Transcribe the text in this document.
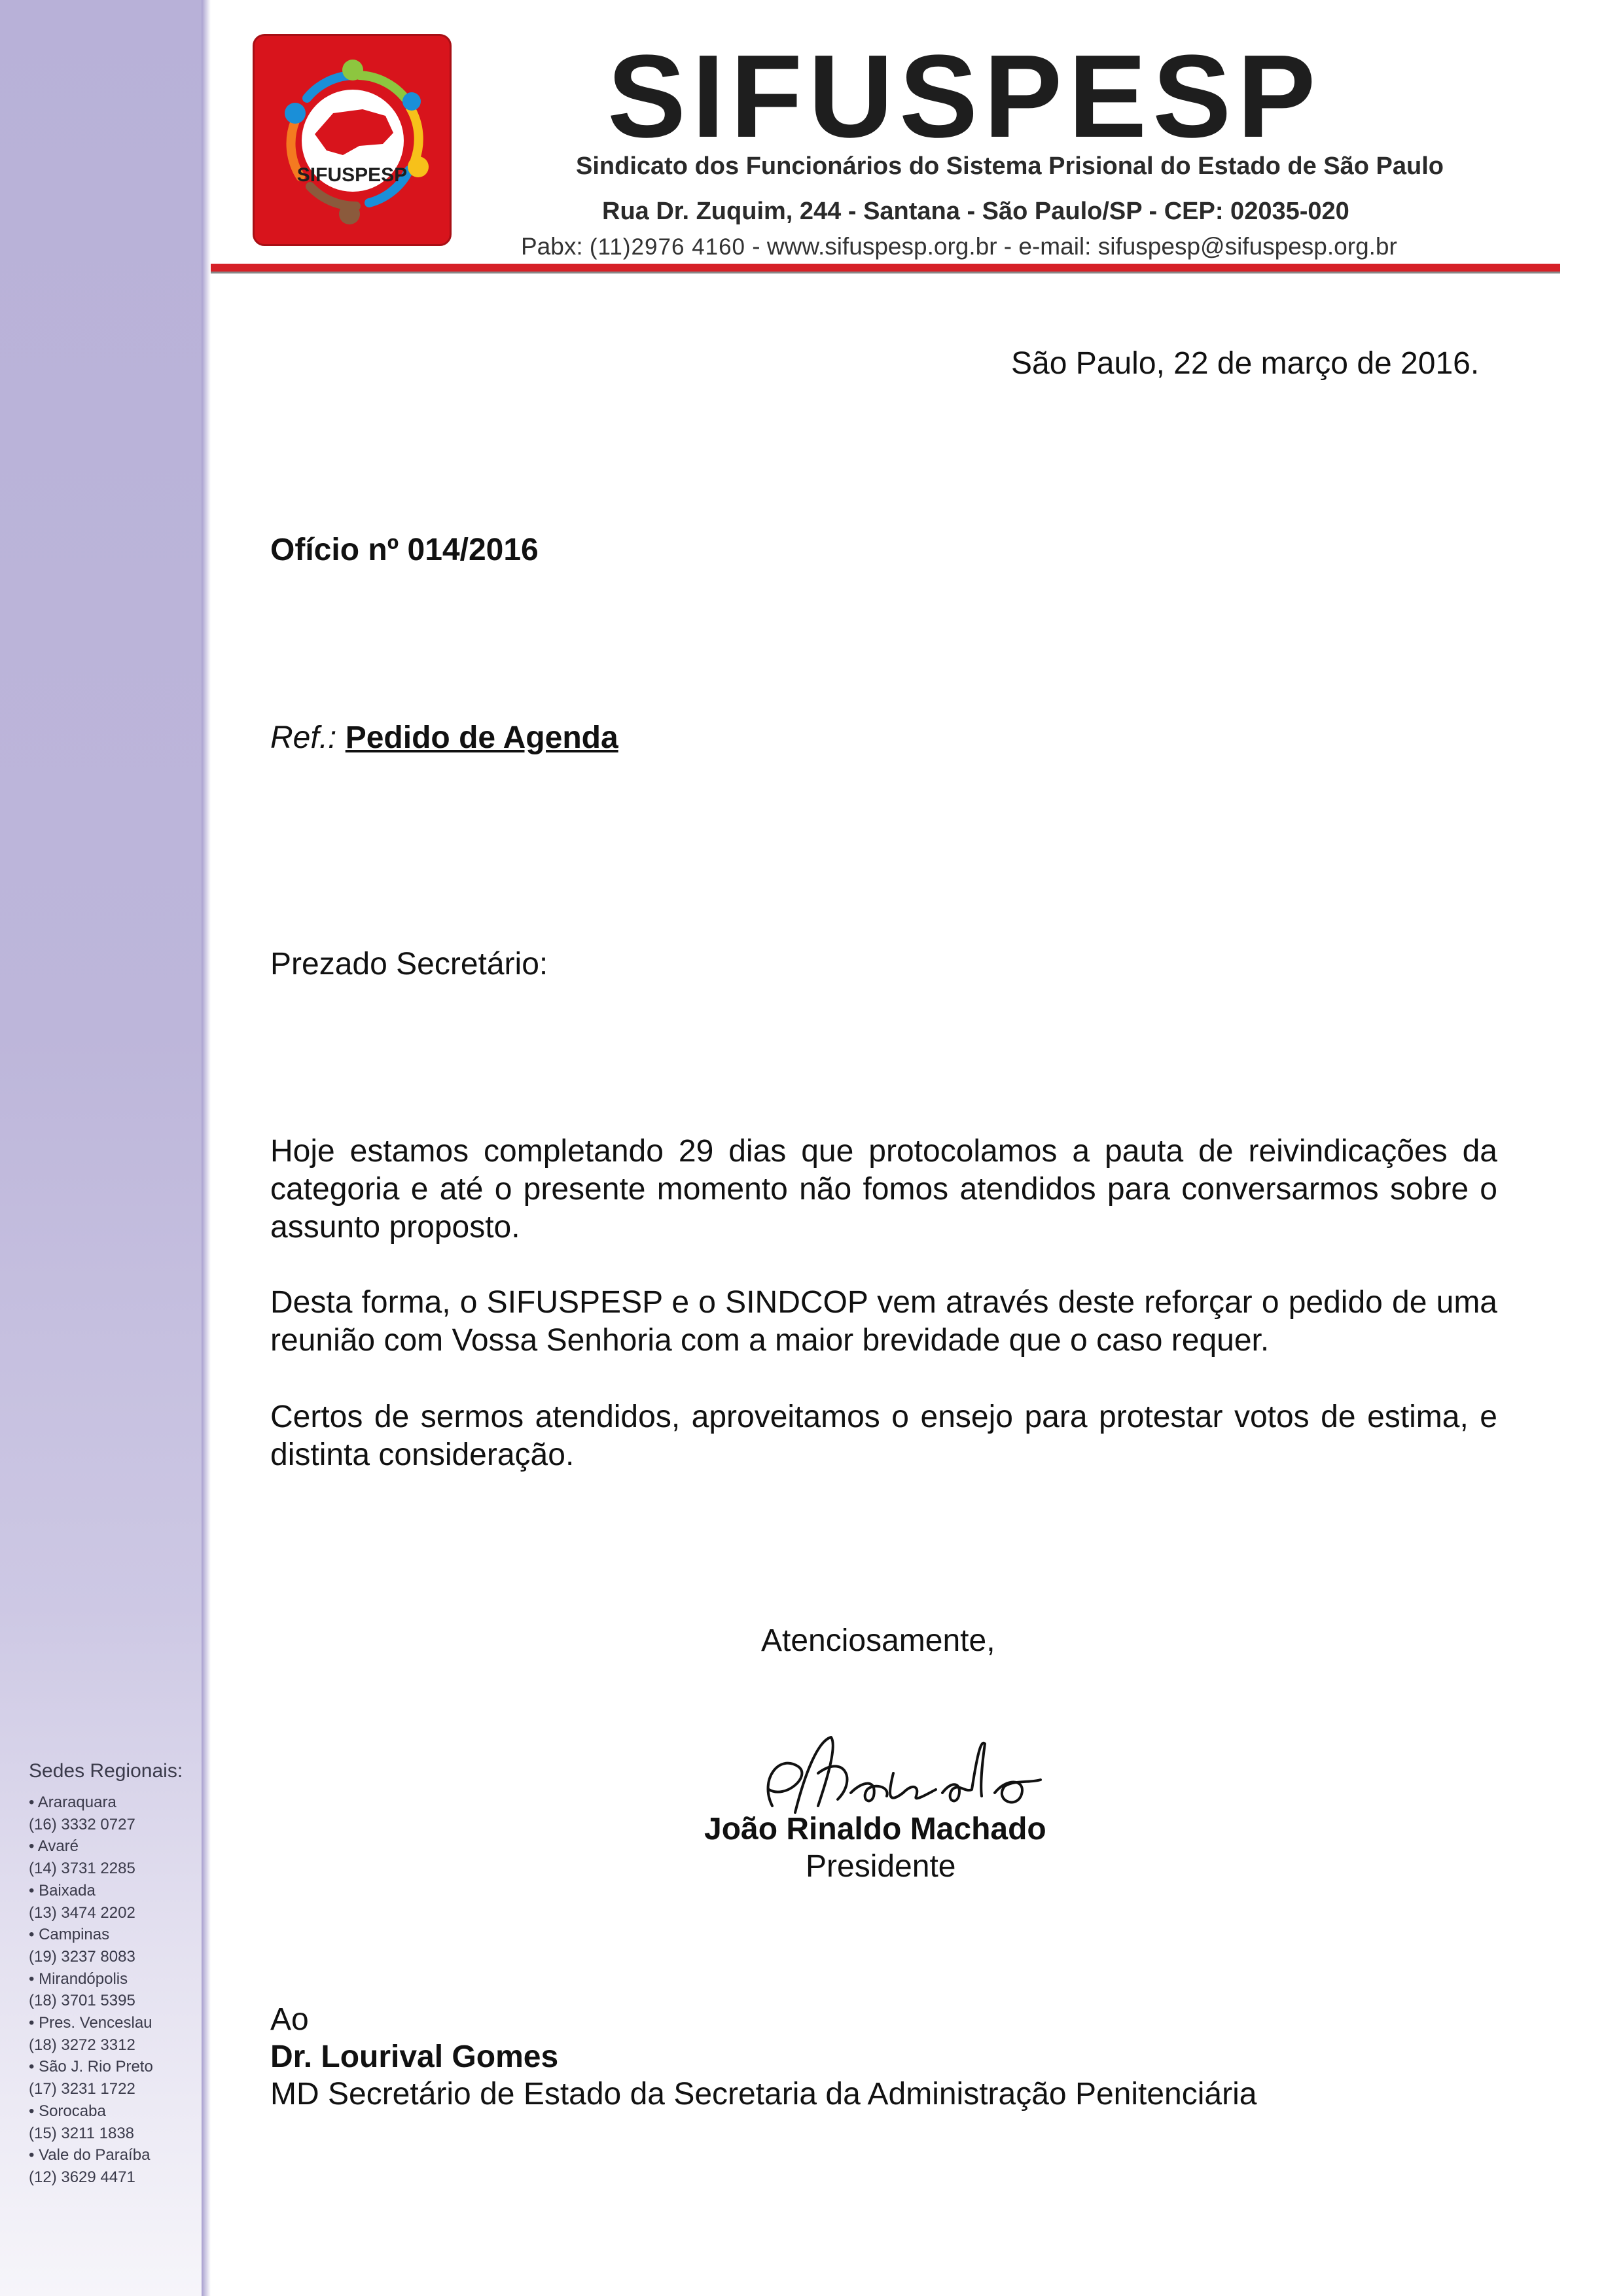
SIFUSPESP
SIFUSPESP
Sindicato dos Funcionários do Sistema Prisional do Estado de São Paulo
Rua Dr. Zuquim, 244 - Santana - São Paulo/SP - CEP: 02035-020
Pabx: (11)2976 4160 - www.sifuspesp.org.br - e-mail: sifuspesp@sifuspesp.org.br
São Paulo, 22 de março de 2016.
Ofício nº 014/2016
Ref.: Pedido de Agenda
Prezado Secretário:
Hoje estamos completando 29 dias que protocolamos a pauta de reivindicações da categoria e até o presente momento não fomos atendidos para conversarmos sobre o assunto proposto.
Desta forma, o SIFUSPESP e o SINDCOP vem através deste reforçar o pedido de uma reunião com Vossa Senhoria com a maior brevidade que o caso requer.
Certos de sermos atendidos, aproveitamos o ensejo para protestar votos de estima, e distinta consideração.
Atenciosamente,
João Rinaldo Machado
Presidente
Ao
Dr. Lourival Gomes
MD Secretário de Estado da Secretaria da Administração Penitenciária
Sedes Regionais:
• Araraquara
(16) 3332 0727
• Avaré
(14) 3731 2285
• Baixada
(13) 3474 2202
• Campinas
(19) 3237 8083
• Mirandópolis
(18) 3701 5395
• Pres. Venceslau
(18) 3272 3312
• São J. Rio Preto
(17) 3231 1722
• Sorocaba
(15) 3211 1838
• Vale do Paraíba
(12) 3629 4471
